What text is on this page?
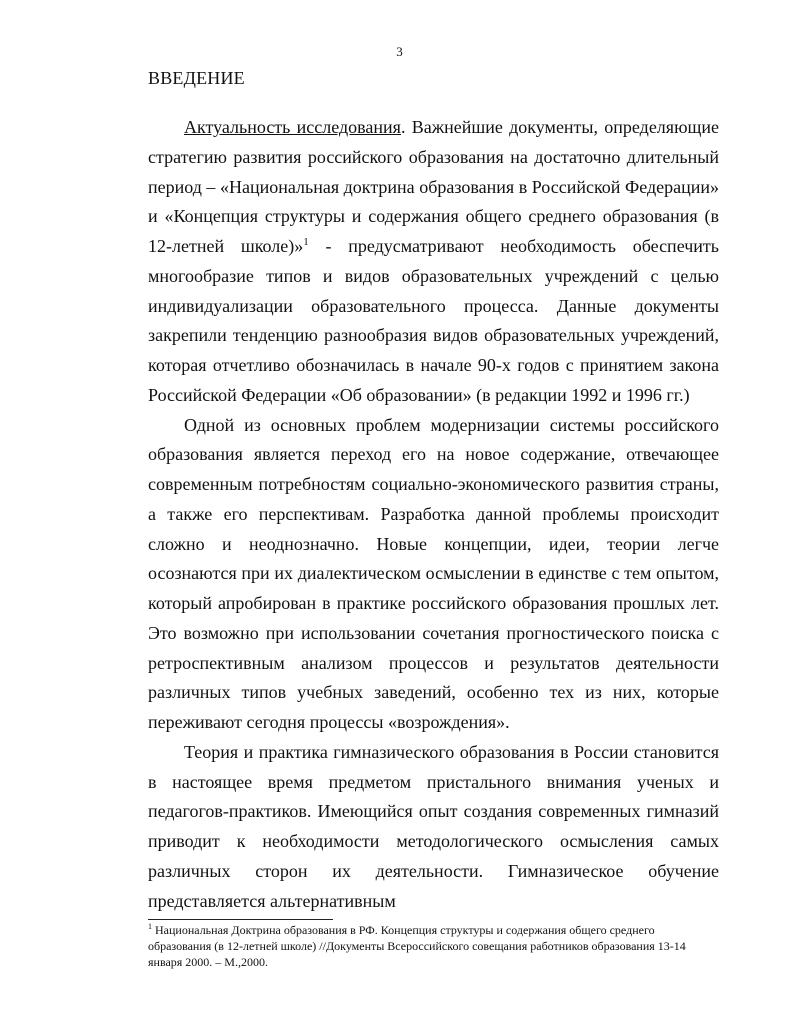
3
ВВЕДЕНИЕ

Актуальность исследования. Важнейшие документы, определяющие стратегию развития российского образования на достаточно длительный период – «Национальная доктрина образования в Российской Федерации» и «Концепция структуры и содержания общего среднего образования (в 12-летней школе)»$^1$ - предусматривают необходимость обеспечить многообразие типов и видов образовательных учреждений с целью индивидуализации образовательного процесса. Данные документы закрепили тенденцию разнообразия видов образовательных учреждений, которая отчетливо обозначилась в начале 90-х годов с принятием закона Российской Федерации «Об образовании» (в редакции 1992 и 1996 гг.)

Одной из основных проблем модернизации системы российского образования является переход его на новое содержание, отвечающее современным потребностям социально-экономического развития страны, а также его перспективам. Разработка данной проблемы происходит сложно и неоднозначно. Новые концепции, идеи, теории легче осознаются при их диалектическом осмыслении в единстве с тем опытом, который апробирован в практике российского образования прошлых лет. Это возможно при использовании сочетания прогностического поиска с ретроспективным анализом процессов и результатов деятельности различных типов учебных заведений, особенно тех из них, которые переживают сегодня процессы «возрождения».

Теория и практика гимназического образования в России становится в настоящее время предметом пристального внимания ученых и педагогов-практиков. Имеющийся опыт создания современных гимназий приводит к необходимости методологического осмысления самых различных сторон их деятельности. Гимназическое обучение представляется альтернативным

$^1$ Национальная Доктрина образования в РФ. Концепция структуры и содержания общего среднего образования (в 12-летней школе) //Документы Всероссийского совещания работников образования 13-14 января 2000. – М.,2000.
